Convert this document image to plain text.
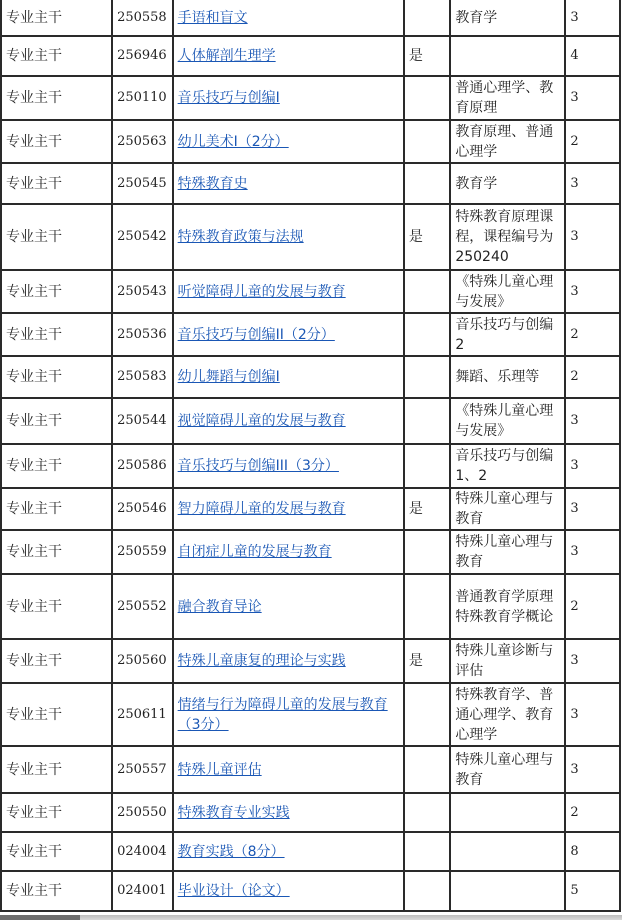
专业主干	250558	手语和盲文		教育学	3
专业主干	256946	人体解剖生理学	是		4
专业主干	250110	音乐技巧与创编I		普通心理学、教育原理	3
专业主干	250563	幼儿美术I（2分）		教育原理、普通心理学	2
专业主干	250545	特殊教育史		教育学	3
专业主干	250542	特殊教育政策与法规	是	特殊教育原理课程，课程编号为250240	3
专业主干	250543	听觉障碍儿童的发展与教育		《特殊儿童心理与发展》	3
专业主干	250536	音乐技巧与创编II（2分）		音乐技巧与创编2	2
专业主干	250583	幼儿舞蹈与创编I		舞蹈、乐理等	2
专业主干	250544	视觉障碍儿童的发展与教育		《特殊儿童心理与发展》	3
专业主干	250586	音乐技巧与创编III（3分）		音乐技巧与创编1、2	3
专业主干	250546	智力障碍儿童的发展与教育	是	特殊儿童心理与教育	3
专业主干	250559	自闭症儿童的发展与教育		特殊儿童心理与教育	3
专业主干	250552	融合教育导论		普通教育学原理 特殊教育学概论	2
专业主干	250560	特殊儿童康复的理论与实践	是	特殊儿童诊断与评估	3
专业主干	250611	情绪与行为障碍儿童的发展与教育（3分）		特殊教育学、普通心理学、教育心理学	3
专业主干	250557	特殊儿童评估		特殊儿童心理与教育	3
专业主干	250550	特殊教育专业实践			2
专业主干	024004	教育实践（8分）			8
专业主干	024001	毕业设计（论文）			5
